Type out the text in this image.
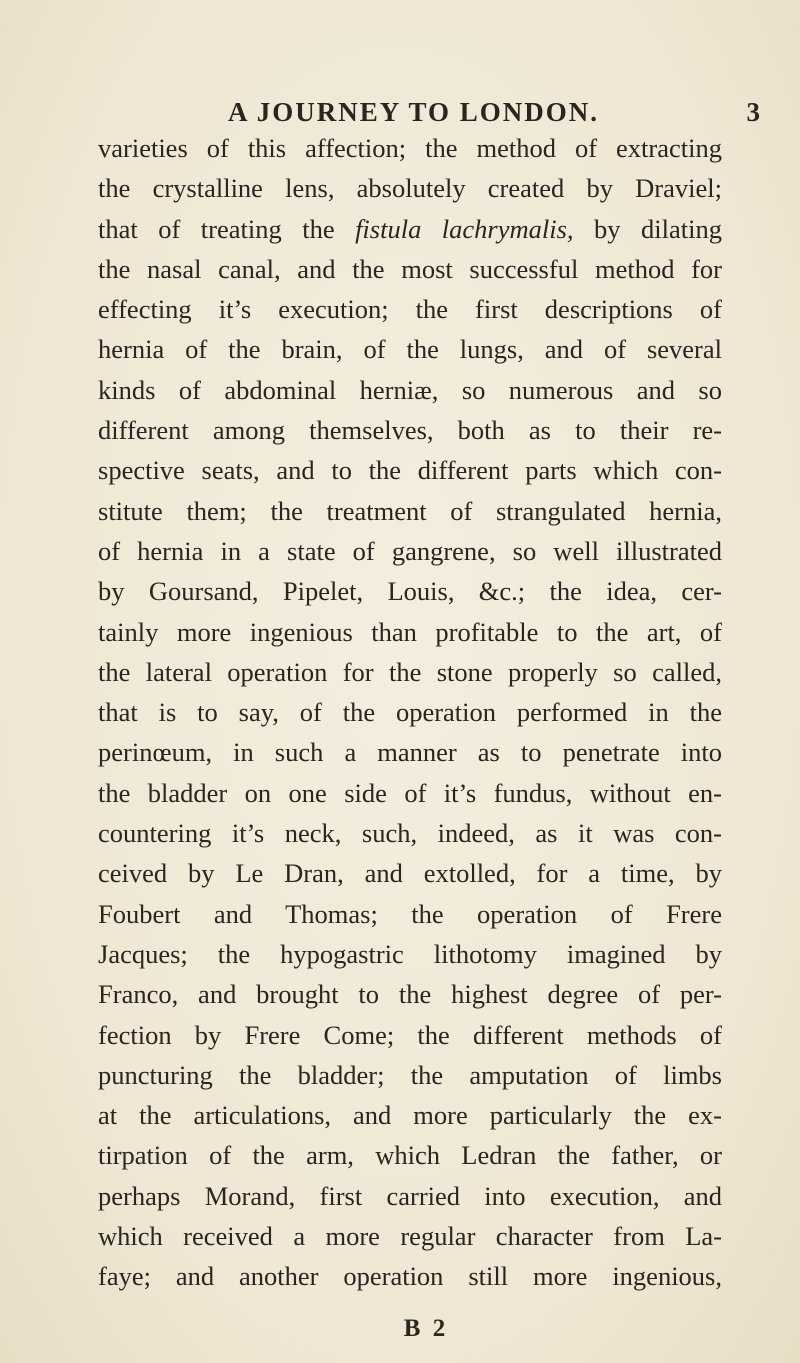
A JOURNEY TO LONDON.	3
varieties of this affection; the method of extracting
the crystalline lens, absolutely created by Draviel;
that of treating the fistula lachrymalis, by dilating
the nasal canal, and the most successful method for
effecting it’s execution; the first descriptions of
hernia of the brain, of the lungs, and of several
kinds of abdominal herniæ, so numerous and so
different among themselves, both as to their re-
spective seats, and to the different parts which con-
stitute them; the treatment of strangulated hernia,
of hernia in a state of gangrene, so well illustrated
by Goursand, Pipelet, Louis, &c.; the idea, cer-
tainly more ingenious than profitable to the art, of
the lateral operation for the stone properly so called,
that is to say, of the operation performed in the
perinœum, in such a manner as to penetrate into
the bladder on one side of it’s fundus, without en-
countering it’s neck, such, indeed, as it was con-
ceived by Le Dran, and extolled, for a time, by
Foubert and Thomas; the operation of Frere
Jacques; the hypogastric lithotomy imagined by
Franco, and brought to the highest degree of per-
fection by Frere Come; the different methods of
puncturing the bladder; the amputation of limbs
at the articulations, and more particularly the ex-
tirpation of the arm, which Ledran the father, or
perhaps Morand, first carried into execution, and
which received a more regular character from La-
faye; and another operation still more ingenious,
B 2
